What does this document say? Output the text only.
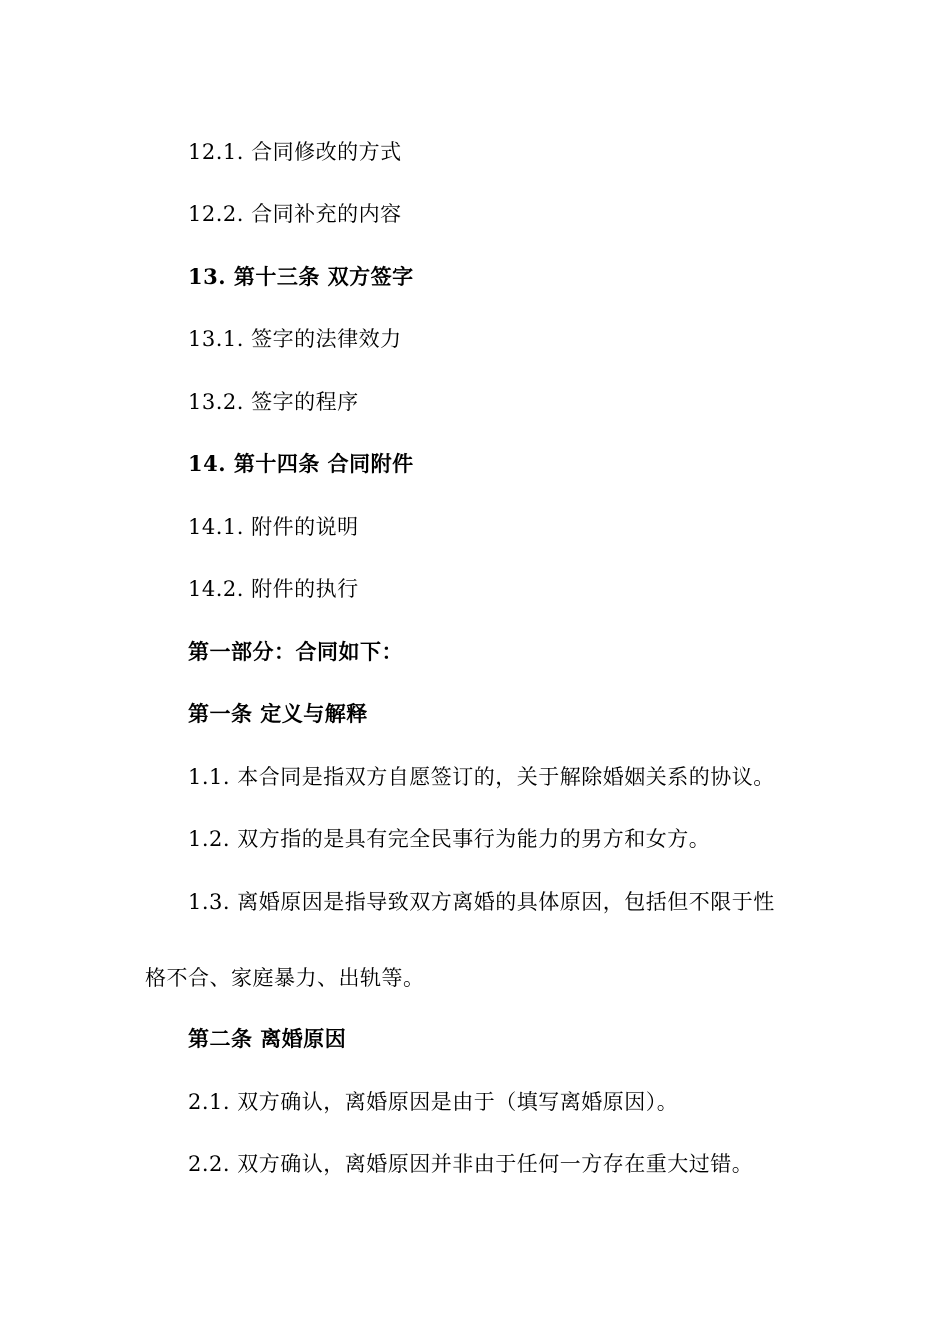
12.1. 合同修改的方式
12.2. 合同补充的内容
13. 第十三条 双方签字
13.1. 签字的法律效力
13.2. 签字的程序
14. 第十四条 合同附件
14.1. 附件的说明
14.2. 附件的执行
第一部分：合同如下：
第一条 定义与解释
1.1. 本合同是指双方自愿签订的，关于解除婚姻关系的协议。
1.2. 双方指的是具有完全民事行为能力的男方和女方。
1.3. 离婚原因是指导致双方离婚的具体原因，包括但不限于性
格不合、家庭暴力、出轨等。
第二条 离婚原因
2.1. 双方确认，离婚原因是由于（填写离婚原因）。
2.2. 双方确认，离婚原因并非由于任何一方存在重大过错。
